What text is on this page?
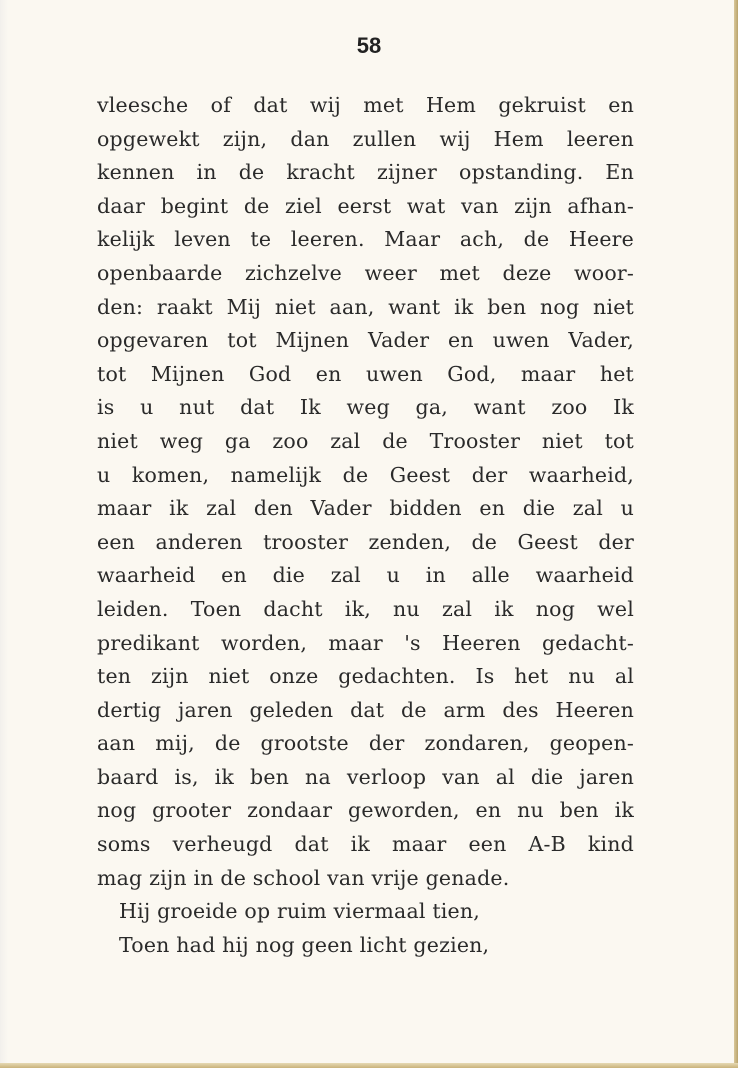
58
vleesche of dat wij met Hem gekruist en
opgewekt zijn, dan zullen wij Hem leeren
kennen in de kracht zijner opstanding. En
daar begint de ziel eerst wat van zijn afhan-
kelijk leven te leeren. Maar ach, de Heere
openbaarde zichzelve weer met deze woor-
den: raakt Mij niet aan, want ik ben nog niet
opgevaren tot Mijnen Vader en uwen Vader,
tot Mijnen God en uwen God, maar het
is u nut dat Ik weg ga, want zoo Ik
niet weg ga zoo zal de Trooster niet tot
u komen, namelijk de Geest der waarheid,
maar ik zal den Vader bidden en die zal u
een anderen trooster zenden, de Geest der
waarheid en die zal u in alle waarheid
leiden. Toen dacht ik, nu zal ik nog wel
predikant worden, maar 's Heeren gedacht-
ten zijn niet onze gedachten. Is het nu al
dertig jaren geleden dat de arm des Heeren
aan mij, de grootste der zondaren, geopen-
baard is, ik ben na verloop van al die jaren
nog grooter zondaar geworden, en nu ben ik
soms verheugd dat ik maar een A-B kind
mag zijn in de school van vrije genade.
Hij groeide op ruim viermaal tien,
Toen had hij nog geen licht gezien,
